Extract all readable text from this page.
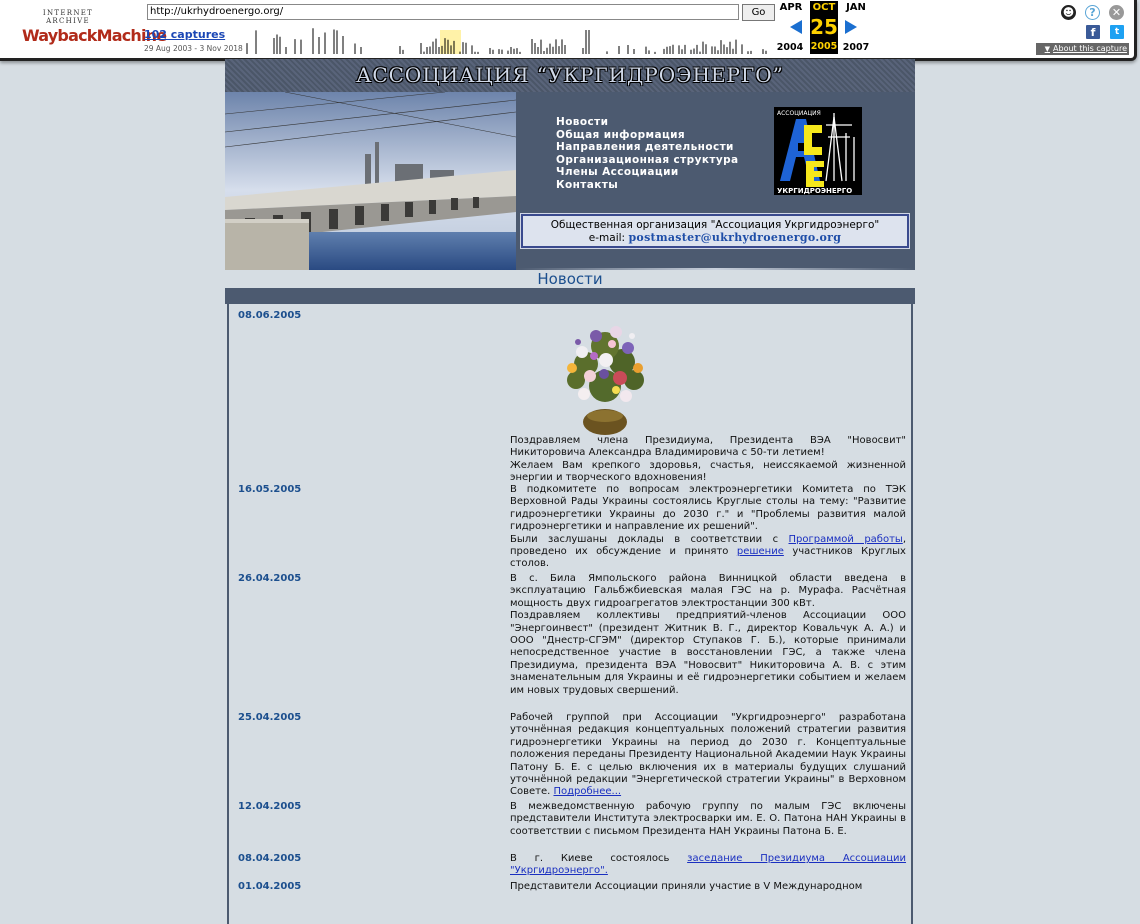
INTERNET ARCHIVE
WaybackMachine
http://ukrhydroenergo.org/	Go
102 captures
29 Aug 2003 - 3 Nov 2018
APR OCT	JAN
25
2004 2005 2007
☻	?	✕
f	t
▼ About this capture
АССОЦИАЦИЯ “УКРГИДРОЭНЕРГО”
Новости
Общая информация
Направления деятельности
Организационная структура
Члены Ассоциации
Контакты
АССОЦИАЦИЯ
УКРГИДРОЭНЕРГО
Общественная организация "Ассоциация Укргидроэнерго"
e-mail: postmaster@ukrhydroenergo.org
Новости
08.06.2005

Поздравляем члена Президиума, Президента ВЭА "Новосвит" Никиторовича Александра Владимировича с 50-ти летием!

Желаем Вам крепкого здоровья, счастья, неиссякаемой жизненной энергии и творческого вдохновения!

16.05.2005	В подкомитете по вопросам электроэнергетики Комитета по ТЭК Верховной Рады Украины состоялись Круглые столы на тему: "Развитие гидроэнергетики Украины до 2030 г." и "Проблемы развития малой гидроэнергетики и направление их решений".

Были заслушаны доклады в соответствии с Программой работы, проведено их обсуждение и принято решение участников Круглых столов.

26.04.2005	В с. Била Ямпольского района Винницкой области введена в эксплуатацию Гальбжбиевская малая ГЭС на р. Мурафа. Расчётная мощность двух гидроагрегатов электростанции 300 кВт.

Поздравляем коллективы предприятий-членов Ассоциации ООО "Энергоинвест" (президент Житник В. Г., директор Ковальчук А. А.) и ООО "Днестр-СГЭМ" (директор Ступаков Г. Б.), которые принимали непосредственное участие в восстановлении ГЭС, а также члена Президиума, президента ВЭА "Новосвит" Никиторовича А. В. с этим знаменательным для Украины и её гидроэнергетики событием и желаем им новых трудовых свершений.

25.04.2005	Рабочей группой при Ассоциации "Укргидроэнерго" разработана уточнённая редакция концептуальных положений стратегии развития гидроэнергетики Украины на период до 2030 г. Концептуальные положения переданы Президенту Национальной Академии Наук Украины Патону Б. Е. с целью включения их в материалы будущих слушаний уточнённой редакции "Энергетической стратегии Украины" в Верховном Совете. Подробнее...

12.04.2005	В межведомственную рабочую группу по малым ГЭС включены представители Института электросварки им. Е. О. Патона НАН Украины в соответствии с письмом Президента НАН Украины Патона Б. Е.

08.04.2005	В г. Киеве состоялось заседание Президиума Ассоциации "Укргидроэнерго".

01.04.2005	Представители Ассоциации приняли участие в V Международном
